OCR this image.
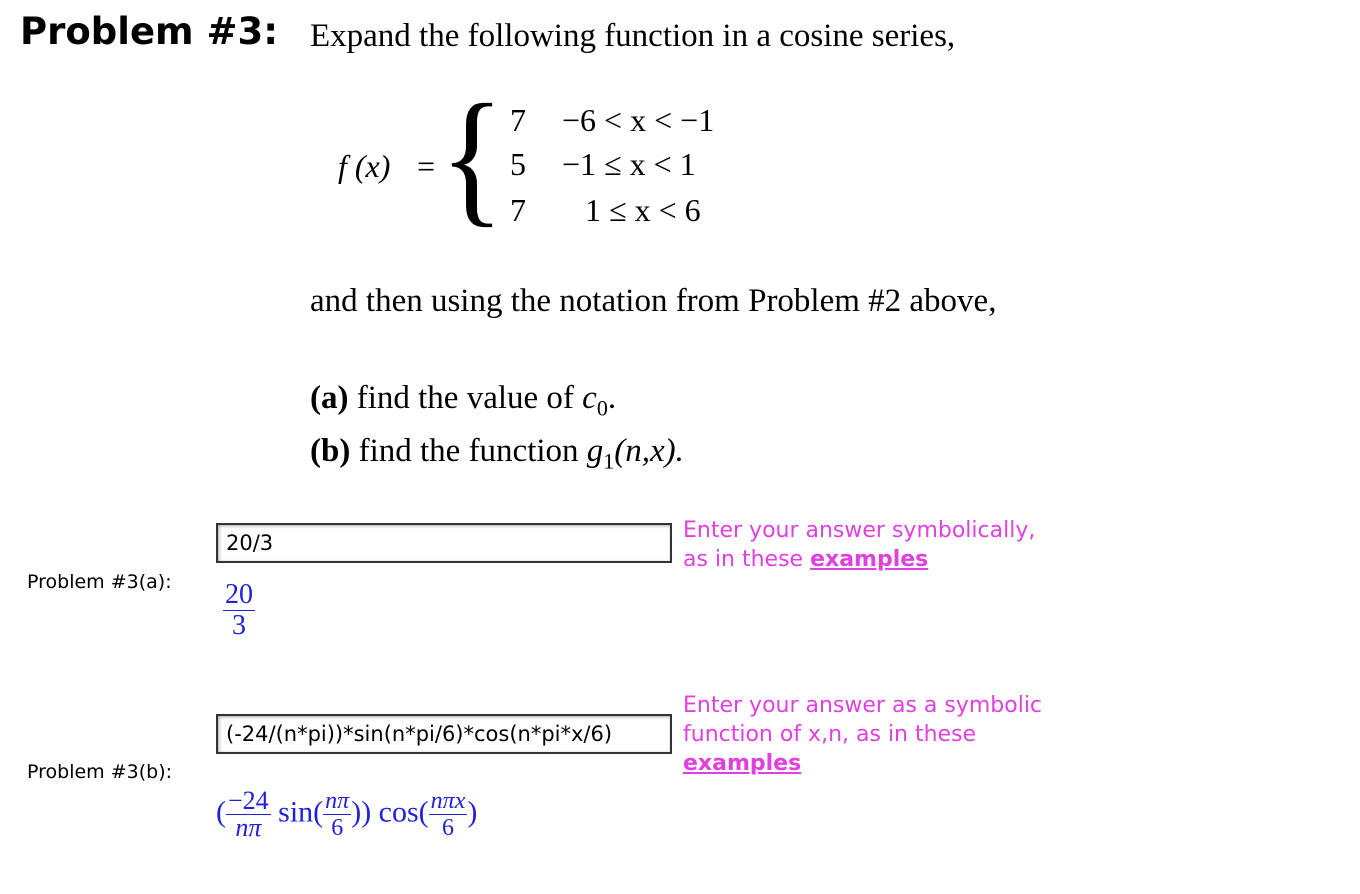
Problem #3: Expand the following function in a cosine series,
f (x) = { 7 −6 < x < −1
5 −1 ≤ x < 1
7 1 ≤ x < 6
and then using the notation from Problem #2 above,
(a) find the value of $c_0$.
(b) find the function $g_1(n,x)$.
20/3	Enter your answer symbolically,
as in these examples
Problem #3(a): $\frac{20}{3}$
Enter your answer as a symbolic
function of x,n, as in these
examples
(-24/(n*pi))*sin(n*pi/6)*cos(n*pi*x/6)
Problem #3(b):
( $\frac{-24}{n\pi} \sin( \frac{n\pi}{6}$ )) $\cos( \frac{\text{nπx}}{6}$ )
